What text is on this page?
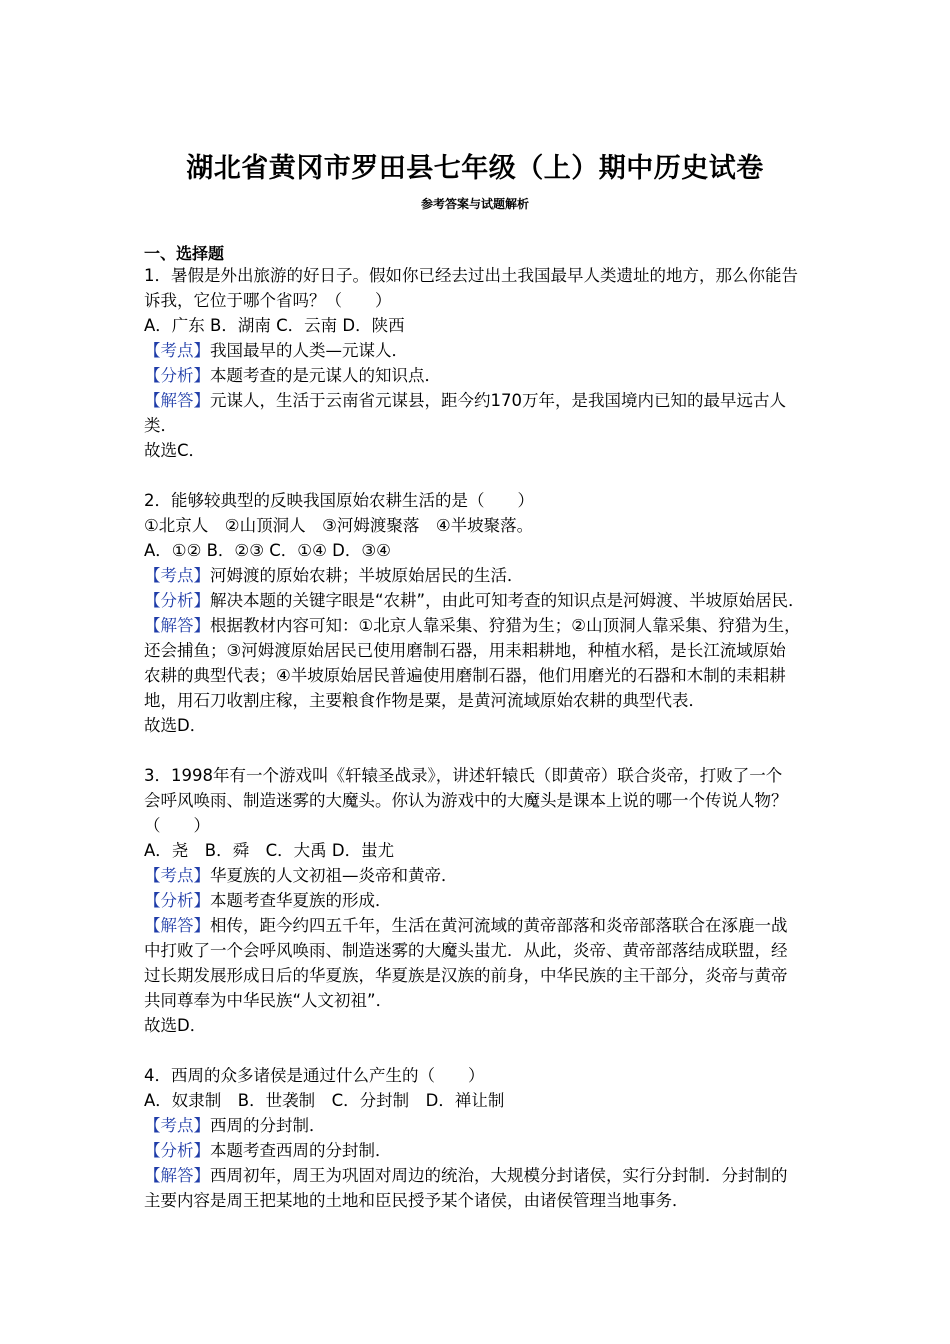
湖北省黄冈市罗田县七年级（上）期中历史试卷
参考答案与试题解析
一、选择题

1．暑假是外出旅游的好日子。假如你已经去过出土我国最早人类遗址的地方，那么你能告

诉我，它位于哪个省吗？（　　）

A．广东 B．湖南 C．云南 D．陕西

【考点】我国最早的人类—元谋人．

【分析】本题考查的是元谋人的知识点．

【解答】元谋人，生活于云南省元谋县，距今约170万年，是我国境内已知的最早远古人

类．

故选C．

2．能够较典型的反映我国原始农耕生活的是（　　）

①北京人　②山顶洞人　③河姆渡聚落　④半坡聚落。

A．①② B．②③ C．①④ D．③④

【考点】河姆渡的原始农耕；半坡原始居民的生活．

【分析】解决本题的关键字眼是“农耕”，由此可知考查的知识点是河姆渡、半坡原始居民．

【解答】根据教材内容可知：①北京人靠采集、狩猎为生；②山顶洞人靠采集、狩猎为生，

还会捕鱼；③河姆渡原始居民已使用磨制石器，用耒耜耕地，种植水稻，是长江流域原始

农耕的典型代表；④半坡原始居民普遍使用磨制石器，他们用磨光的石器和木制的耒耜耕

地，用石刀收割庄稼，主要粮食作物是粟，是黄河流域原始农耕的典型代表．

故选D．

3．1998年有一个游戏叫《轩辕圣战录》，讲述轩辕氏（即黄帝）联合炎帝，打败了一个

会呼风唤雨、制造迷雾的大魔头。你认为游戏中的大魔头是课本上说的哪一个传说人物？

（　　）

A．尧　B．舜　C．大禹 D．蚩尤

【考点】华夏族的人文初祖—炎帝和黄帝．

【分析】本题考查华夏族的形成．

【解答】相传，距今约四五千年，生活在黄河流域的黄帝部落和炎帝部落联合在涿鹿一战

中打败了一个会呼风唤雨、制造迷雾的大魔头蚩尤．从此，炎帝、黄帝部落结成联盟，经

过长期发展形成日后的华夏族，华夏族是汉族的前身，中华民族的主干部分，炎帝与黄帝

共同尊奉为中华民族“人文初祖”．

故选D．

4．西周的众多诸侯是通过什么产生的（　　）

A．奴隶制　B．世袭制　C．分封制　D．禅让制

【考点】西周的分封制．

【分析】本题考查西周的分封制．

【解答】西周初年，周王为巩固对周边的统治，大规模分封诸侯，实行分封制．分封制的

主要内容是周王把某地的土地和臣民授予某个诸侯，由诸侯管理当地事务．
